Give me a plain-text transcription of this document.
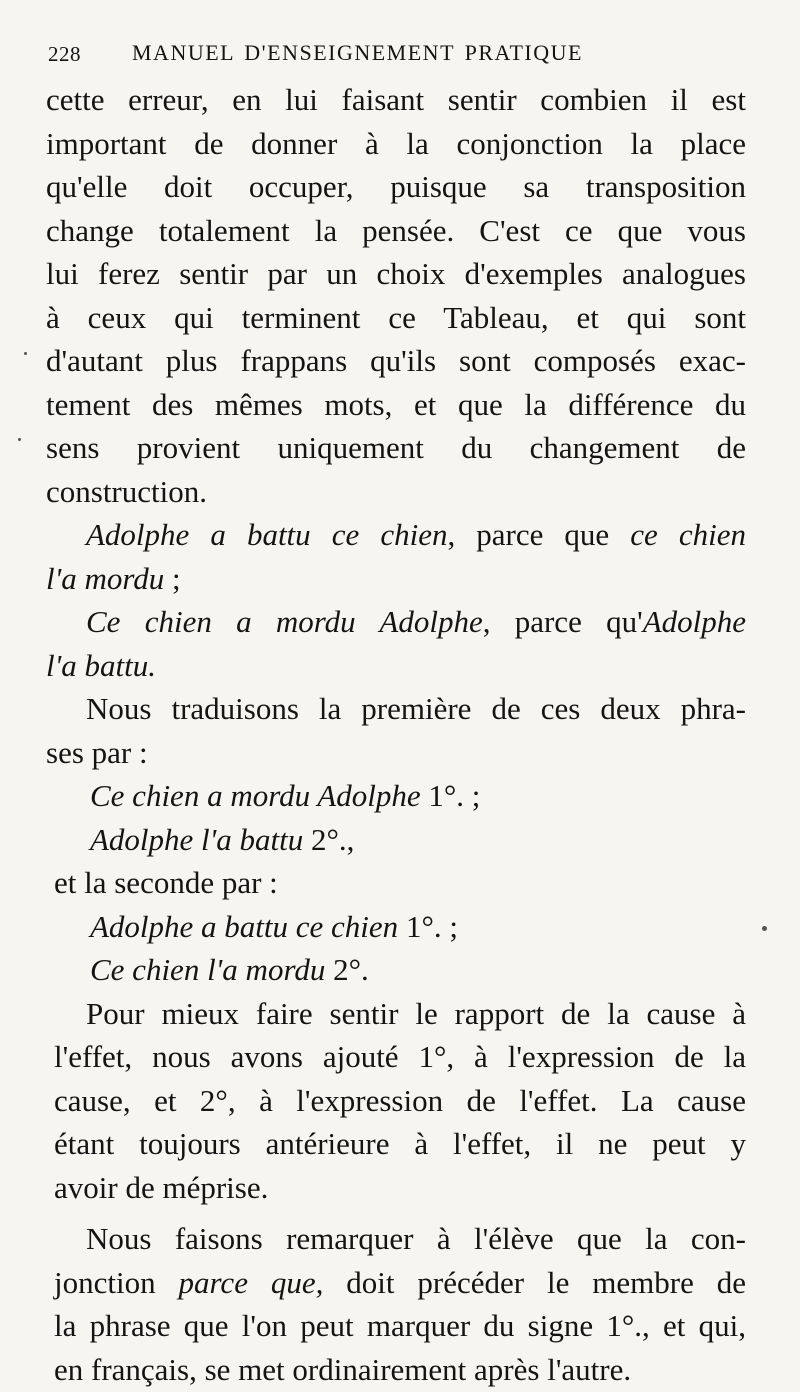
228 MANUEL D'ENSEIGNEMENT PRATIQUE
cette erreur, en lui faisant sentir combien il est
important de donner à la conjonction la place
qu'elle doit occuper, puisque sa transposition
change totalement la pensée. C'est ce que vous
lui ferez sentir par un choix d'exemples analogues
à ceux qui terminent ce Tableau, et qui sont
d'autant plus frappans qu'ils sont composés exac-
tement des mêmes mots, et que la différence du
sens provient uniquement du changement de
construction.
Adolphe a battu ce chien, parce que ce chien
l'a mordu ;
Ce chien a mordu Adolphe, parce qu'Adolphe
l'a battu.
Nous traduisons la première de ces deux phra-
ses par :
Ce chien a mordu Adolphe 1°. ;
Adolphe l'a battu 2°.,
et la seconde par :
Adolphe a battu ce chien 1°. ;
Ce chien l'a mordu 2°.
Pour mieux faire sentir le rapport de la cause à
l'effet, nous avons ajouté 1°, à l'expression de la
cause, et 2°, à l'expression de l'effet. La cause
étant toujours antérieure à l'effet, il ne peut y
avoir de méprise.
Nous faisons remarquer à l'élève que la con-
jonction parce que, doit précéder le membre de
la phrase que l'on peut marquer du signe 1°., et qui,
en français, se met ordinairement après l'autre.
